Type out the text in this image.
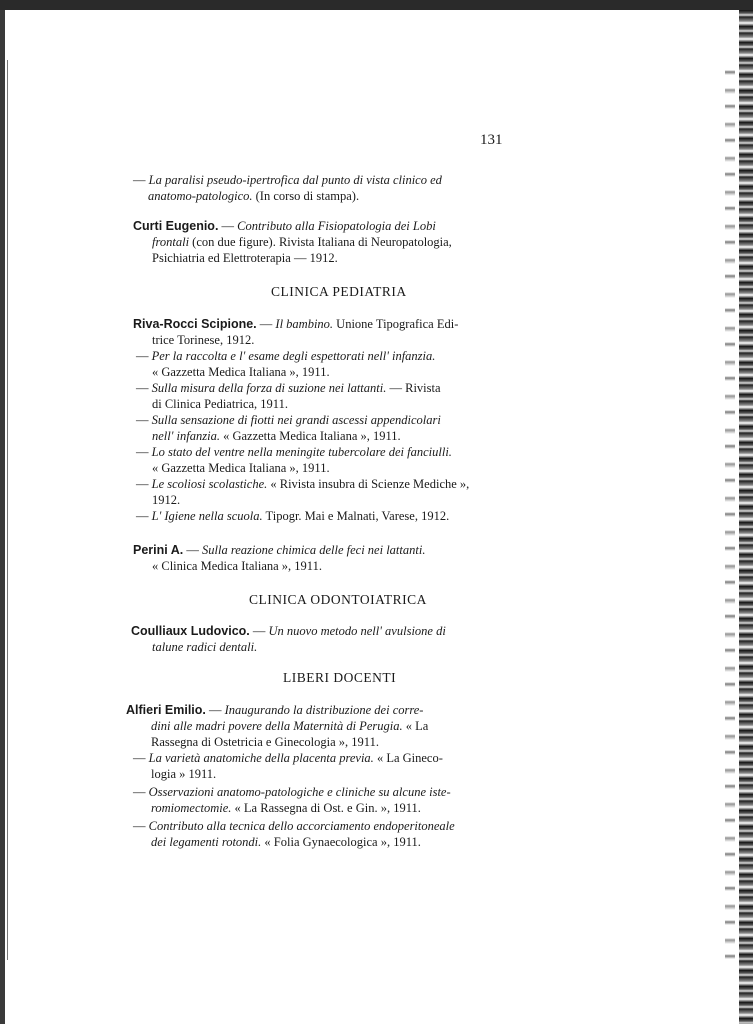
131

— La paralisi pseudo-ipertrofica dal punto di vista clinico ed

anatomo-patologico. (In corso di stampa).

Curti Eugenio. — Contributo alla Fisiopatologia dei Lobi

frontali (con due figure). Rivista Italiana di Neuropatologia,

Psichiatria ed Elettroterapia — 1912.

CLINICA PEDIATRIA

Riva-Rocci Scipione. — Il bambino. Unione Tipografica Edi-

trice Torinese, 1912.

— Per la raccolta e l' esame degli espettorati nell' infanzia.

« Gazzetta Medica Italiana », 1911.

— Sulla misura della forza di suzione nei lattanti. — Rivista

di Clinica Pediatrica, 1911.

— Sulla sensazione di fiotti nei grandi ascessi appendicolari

nell' infanzia. « Gazzetta Medica Italiana », 1911.

— Lo stato del ventre nella meningite tubercolare dei fanciulli.

« Gazzetta Medica Italiana », 1911.

— Le scoliosi scolastiche. « Rivista insubra di Scienze Mediche »,

1912.

— L' Igiene nella scuola. Tipogr. Mai e Malnati, Varese, 1912.

Perini A. — Sulla reazione chimica delle feci nei lattanti.

« Clinica Medica Italiana », 1911.

CLINICA ODONTOIATRICA

Coulliaux Ludovico. — Un nuovo metodo nell' avulsione di

talune radici dentali.

LIBERI DOCENTI

Alfieri Emilio. — Inaugurando la distribuzione dei corre-

dini alle madri povere della Maternità di Perugia. « La

Rassegna di Ostetricia e Ginecologia », 1911.

— La varietà anatomiche della placenta previa. « La Gineco-

logia » 1911.

— Osservazioni anatomo-patologiche e cliniche su alcune iste-

romiomectomie. « La Rassegna di Ost. e Gin. », 1911.

— Contributo alla tecnica dello accorciamento endoperitoneale

dei legamenti rotondi. « Folia Gynaecologica », 1911.
